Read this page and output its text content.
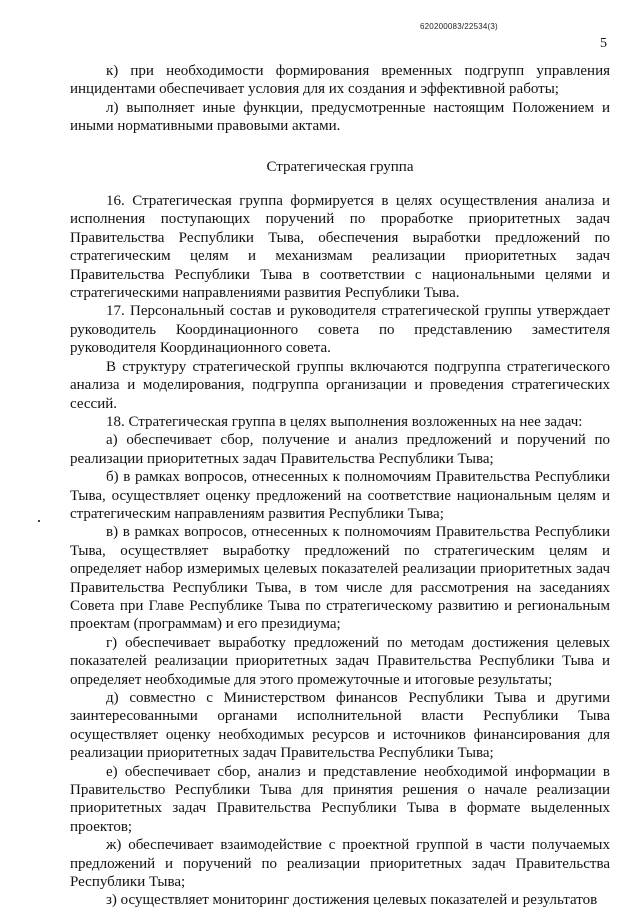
620200083/22534(3)
5

к) при необходимости формирования временных подгрупп управления инцидентами обеспечивает условия для их создания и эффективной работы;

л) выполняет иные функции, предусмотренные настоящим Положением и иными нормативными правовыми актами.

Стратегическая группа

16. Стратегическая группа формируется в целях осуществления анализа и исполнения поступающих поручений по проработке приоритетных задач Правительства Республики Тыва, обеспечения выработки предложений по стратегическим целям и механизмам реализации приоритетных задач Правительства Республики Тыва в соответствии с национальными целями и стратегическими направлениями развития Республики Тыва.

17. Персональный состав и руководителя стратегической группы утверждает руководитель Координационного совета по представлению заместителя руководителя Координационного совета.

В структуру стратегической группы включаются подгруппа стратегического анализа и моделирования, подгруппа организации и проведения стратегических сессий.

18. Стратегическая группа в целях выполнения возложенных на нее задач:

а) обеспечивает сбор, получение и анализ предложений и поручений по реализации приоритетных задач Правительства Республики Тыва;

б) в рамках вопросов, отнесенных к полномочиям Правительства Республики Тыва, осуществляет оценку предложений на соответствие национальным целям и стратегическим направлениям развития Республики Тыва;

в) в рамках вопросов, отнесенных к полномочиям Правительства Республики Тыва, осуществляет выработку предложений по стратегическим целям и определяет набор измеримых целевых показателей реализации приоритетных задач Правительства Республики Тыва, в том числе для рассмотрения на заседаниях Совета при Главе Республике Тыва по стратегическому развитию и региональным проектам (программам) и его президиума;

г) обеспечивает выработку предложений по методам достижения целевых показателей реализации приоритетных задач Правительства Республики Тыва и определяет необходимые для этого промежуточные и итоговые результаты;

д) совместно с Министерством финансов Республики Тыва и другими заинтересованными органами исполнительной власти Республики Тыва осуществляет оценку необходимых ресурсов и источников финансирования для реализации приоритетных задач Правительства Республики Тыва;

е) обеспечивает сбор, анализ и представление необходимой информации в Правительство Республики Тыва для принятия решения о начале реализации приоритетных задач Правительства Республики Тыва в формате выделенных проектов;

ж) обеспечивает взаимодействие с проектной группой в части получаемых предложений и поручений по реализации приоритетных задач Правительства Республики Тыва;

з) осуществляет мониторинг достижения целевых показателей и результатов
